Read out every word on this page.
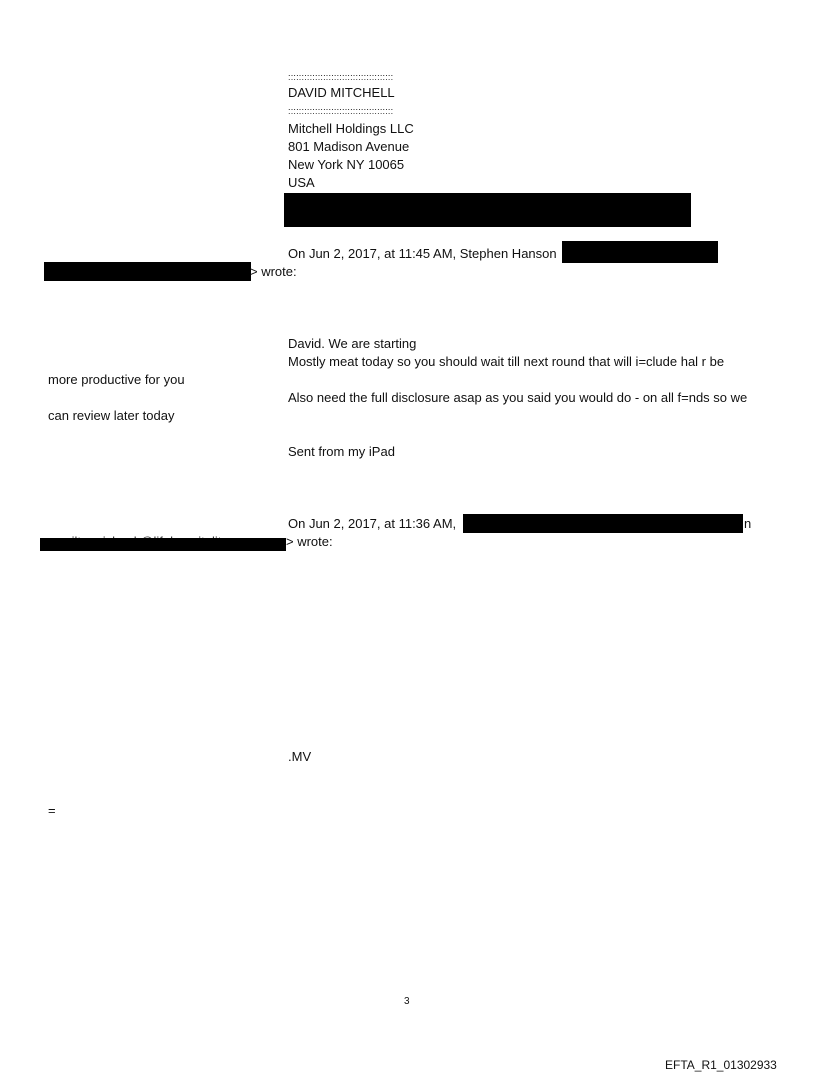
:::::::::::::::::::::::::::::::::::::::
DAVID MITCHELL
:::::::::::::::::::::::::::::::::::::::
Mitchell Holdings LLC
801 Madison Avenue
New York NY 10065
USA
On Jun 2, 2017, at 11:45 AM, Stephen Hanson
> wrote:
David. We are starting
Mostly meat today so you should wait till next round that will i=clude hal r be
more productive for you
Also need the full disclosure asap as you said you would do - on all f=nds so we
can review later today
Sent from my iPad
On Jun 2, 2017, at 11:36 AM,	n
> wrote:
.MV
=
3
EFTA_R1_01302933
